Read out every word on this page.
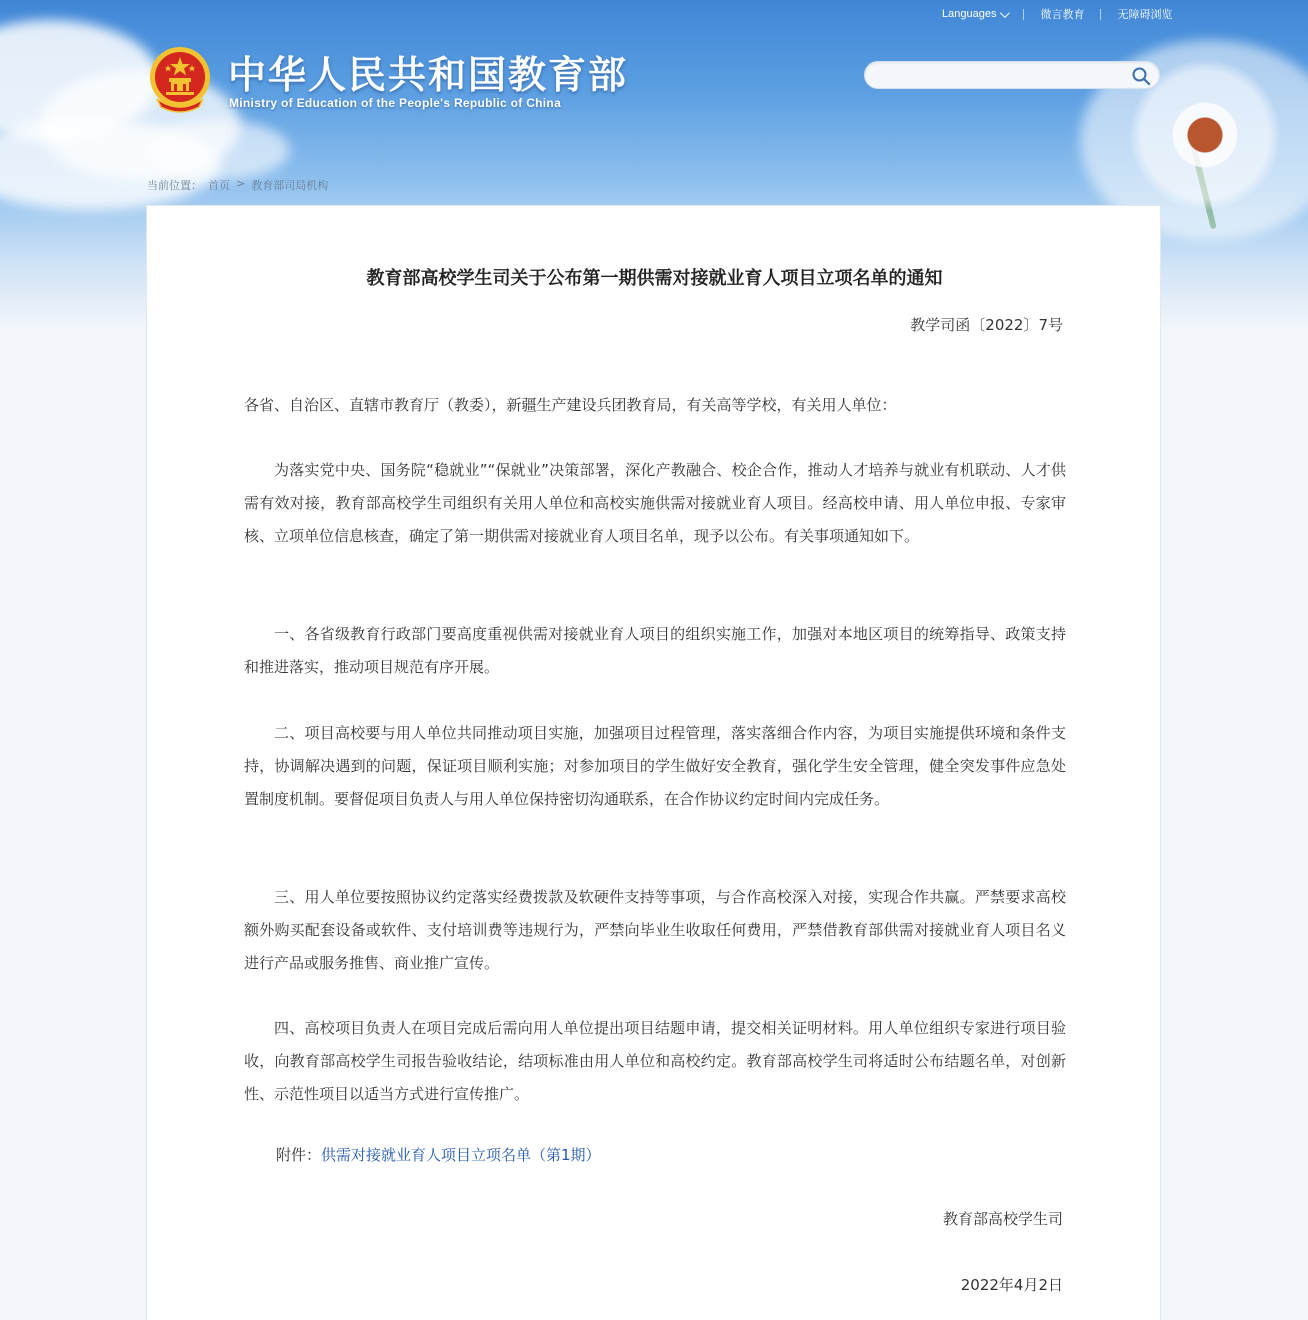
中华人民共和国教育部
Ministry of Education of the People's Republic of China
Languages	微言教育	无障碍浏览
当前位置： 首页 > 教育部司局机构
教育部高校学生司关于公布第一期供需对接就业育人项目立项名单的通知
教学司函〔2022〕7号
各省、自治区、直辖市教育厅（教委），新疆生产建设兵团教育局，有关高等学校，有关用人单位：
为落实党中央、国务院“稳就业”“保就业”决策部署，深化产教融合、校企合作，推动人才培养与就业有机联动、人才供需有效对接，教育部高校学生司组织有关用人单位和高校实施供需对接就业育人项目。经高校申请、用人单位申报、专家审核、立项单位信息核查，确定了第一期供需对接就业育人项目名单，现予以公布。有关事项通知如下。
一、各省级教育行政部门要高度重视供需对接就业育人项目的组织实施工作，加强对本地区项目的统筹指导、政策支持和推进落实，推动项目规范有序开展。
二、项目高校要与用人单位共同推动项目实施，加强项目过程管理，落实落细合作内容，为项目实施提供环境和条件支持，协调解决遇到的问题，保证项目顺利实施；对参加项目的学生做好安全教育，强化学生安全管理，健全突发事件应急处置制度机制。要督促项目负责人与用人单位保持密切沟通联系，在合作协议约定时间内完成任务。
三、用人单位要按照协议约定落实经费拨款及软硬件支持等事项，与合作高校深入对接，实现合作共赢。严禁要求高校额外购买配套设备或软件、支付培训费等违规行为，严禁向毕业生收取任何费用，严禁借教育部供需对接就业育人项目名义进行产品或服务推售、商业推广宣传。
四、高校项目负责人在项目完成后需向用人单位提出项目结题申请，提交相关证明材料。用人单位组织专家进行项目验收，向教育部高校学生司报告验收结论，结项标准由用人单位和高校约定。教育部高校学生司将适时公布结题名单，对创新性、示范性项目以适当方式进行宣传推广。
附件：供需对接就业育人项目立项名单（第1期）
教育部高校学生司
2022年4月2日
